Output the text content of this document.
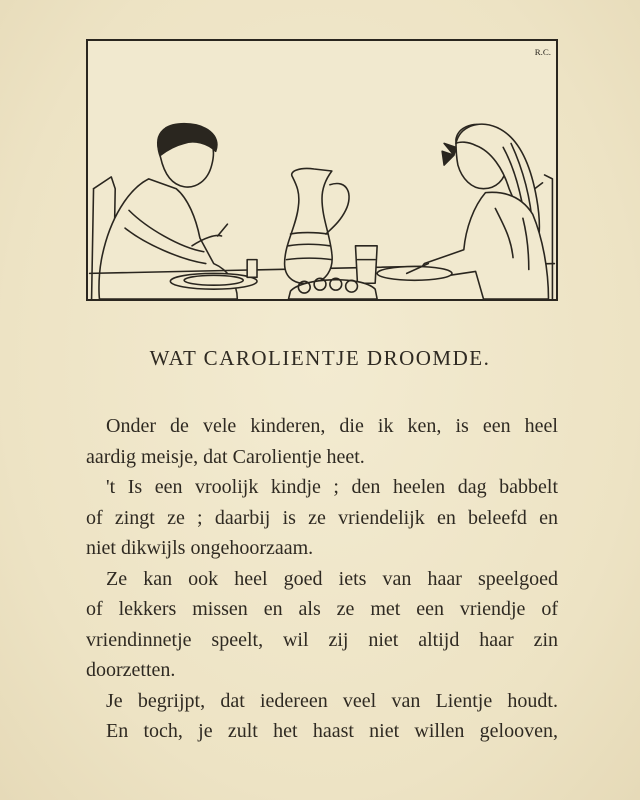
R.C.
WAT CAROLIENTJE DROOMDE.
Onder de vele kinderen, die ik ken, is een heel
aardig meisje, dat Carolientje heet.
't Is een vroolijk kindje ; den heelen dag babbelt
of zingt ze ; daarbij is ze vriendelijk en beleefd en
niet dikwijls ongehoorzaam.
Ze kan ook heel goed iets van haar speelgoed
of lekkers missen en als ze met een vriendje of
vriendinnetje speelt, wil zij niet altijd haar zin
doorzetten.
Je begrijpt, dat iedereen veel van Lientje houdt.
En toch, je zult het haast niet willen gelooven,
